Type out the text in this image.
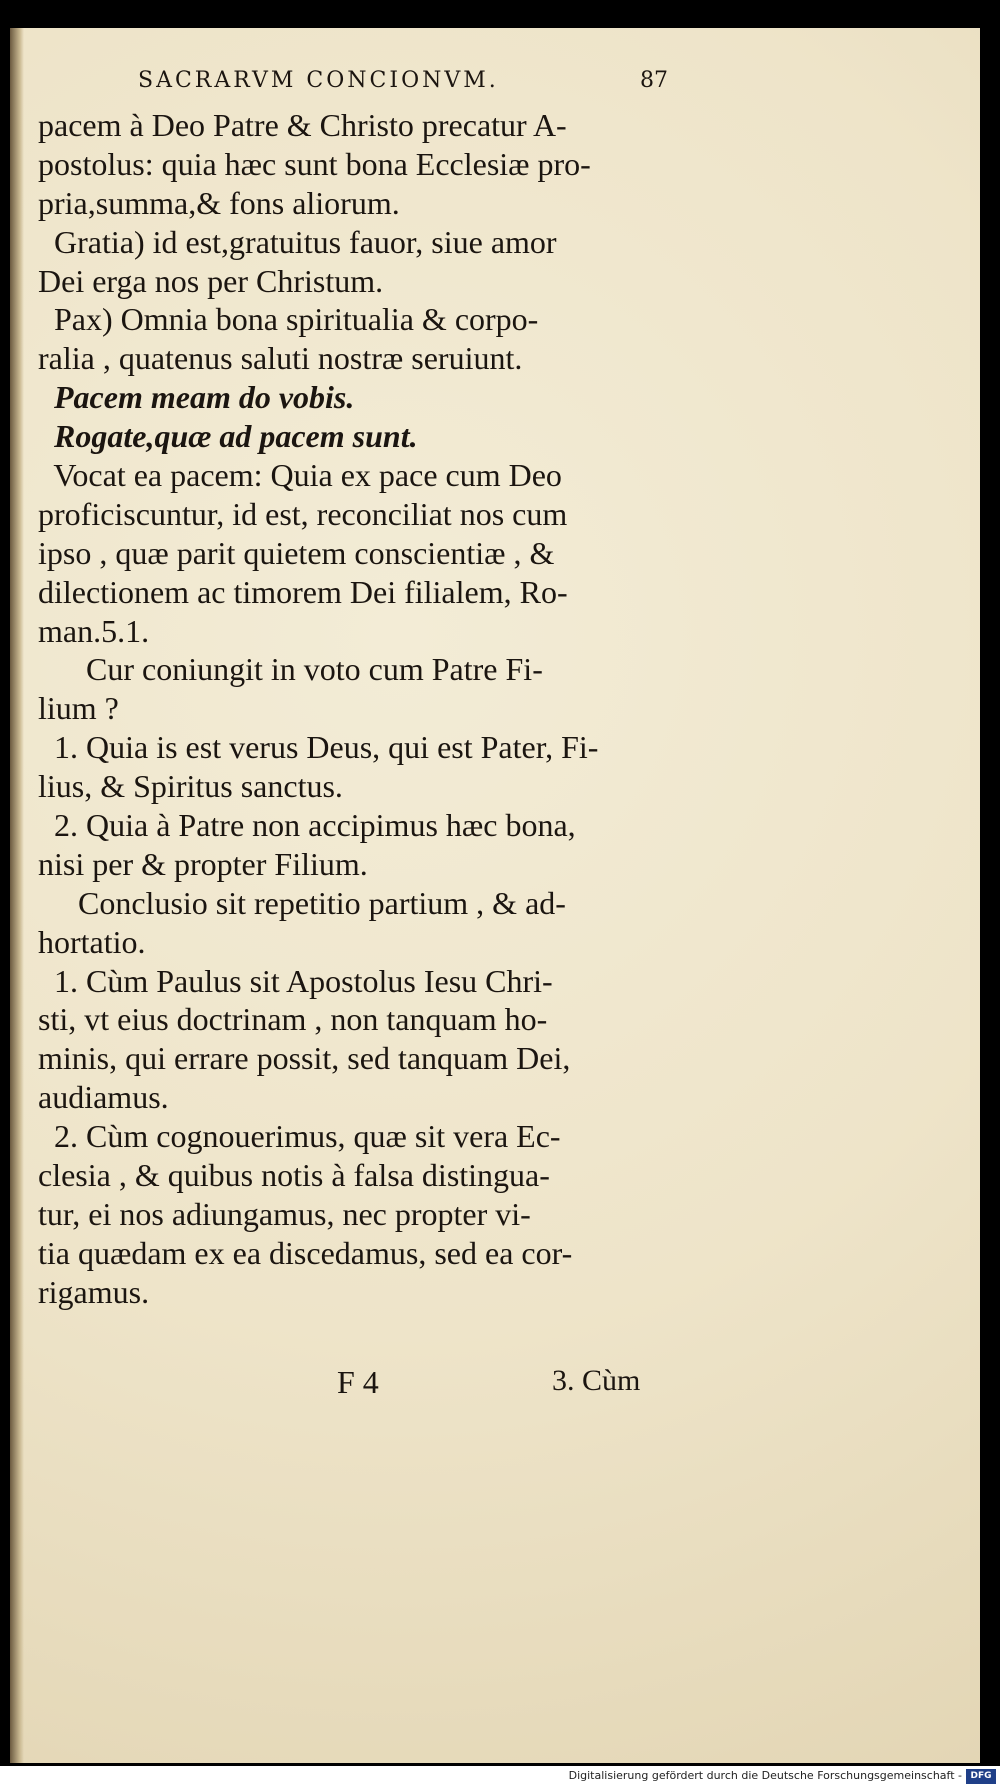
SACRARVM CONCIONVM.	87
pacem à Deo Patre & Christo precatur A-
postolus: quia hæc sunt bona Ecclesiæ pro-
pria,summa,& fons aliorum.
Gratia) id est,gratuitus fauor, siue amor
Dei erga nos per Christum.
Pax) Omnia bona spiritualia & corpo-
ralia , quatenus saluti nostræ seruiunt.
Pacem meam do vobis.
Rogate,quæ ad pacem sunt.
Vocat ea pacem: Quia ex pace cum Deo
proficiscuntur, id est, reconciliat nos cum
ipso , quæ parit quietem conscientiæ , &
dilectionem ac timorem Dei filialem, Ro-
man.5.1.
Cur coniungit in voto cum Patre Fi-
lium ?
1. Quia is est verus Deus, qui est Pater, Fi-
lius, & Spiritus sanctus.
2. Quia à Patre non accipimus hæc bona,
nisi per & propter Filium.
Conclusio sit repetitio partium , & ad-
hortatio.
1. Cùm Paulus sit Apostolus Iesu Chri-
sti, vt eius doctrinam , non tanquam ho-
minis, qui errare possit, sed tanquam Dei,
audiamus.
2. Cùm cognouerimus, quæ sit vera Ec-
clesia , & quibus notis à falsa distingua-
tur, ei nos adiungamus, nec propter vi-
tia quædam ex ea discedamus, sed ea cor-
rigamus.
F 4	3. Cùm
Digitalisierung gefördert durch die Deutsche Forschungsgemeinschaft - DFG
